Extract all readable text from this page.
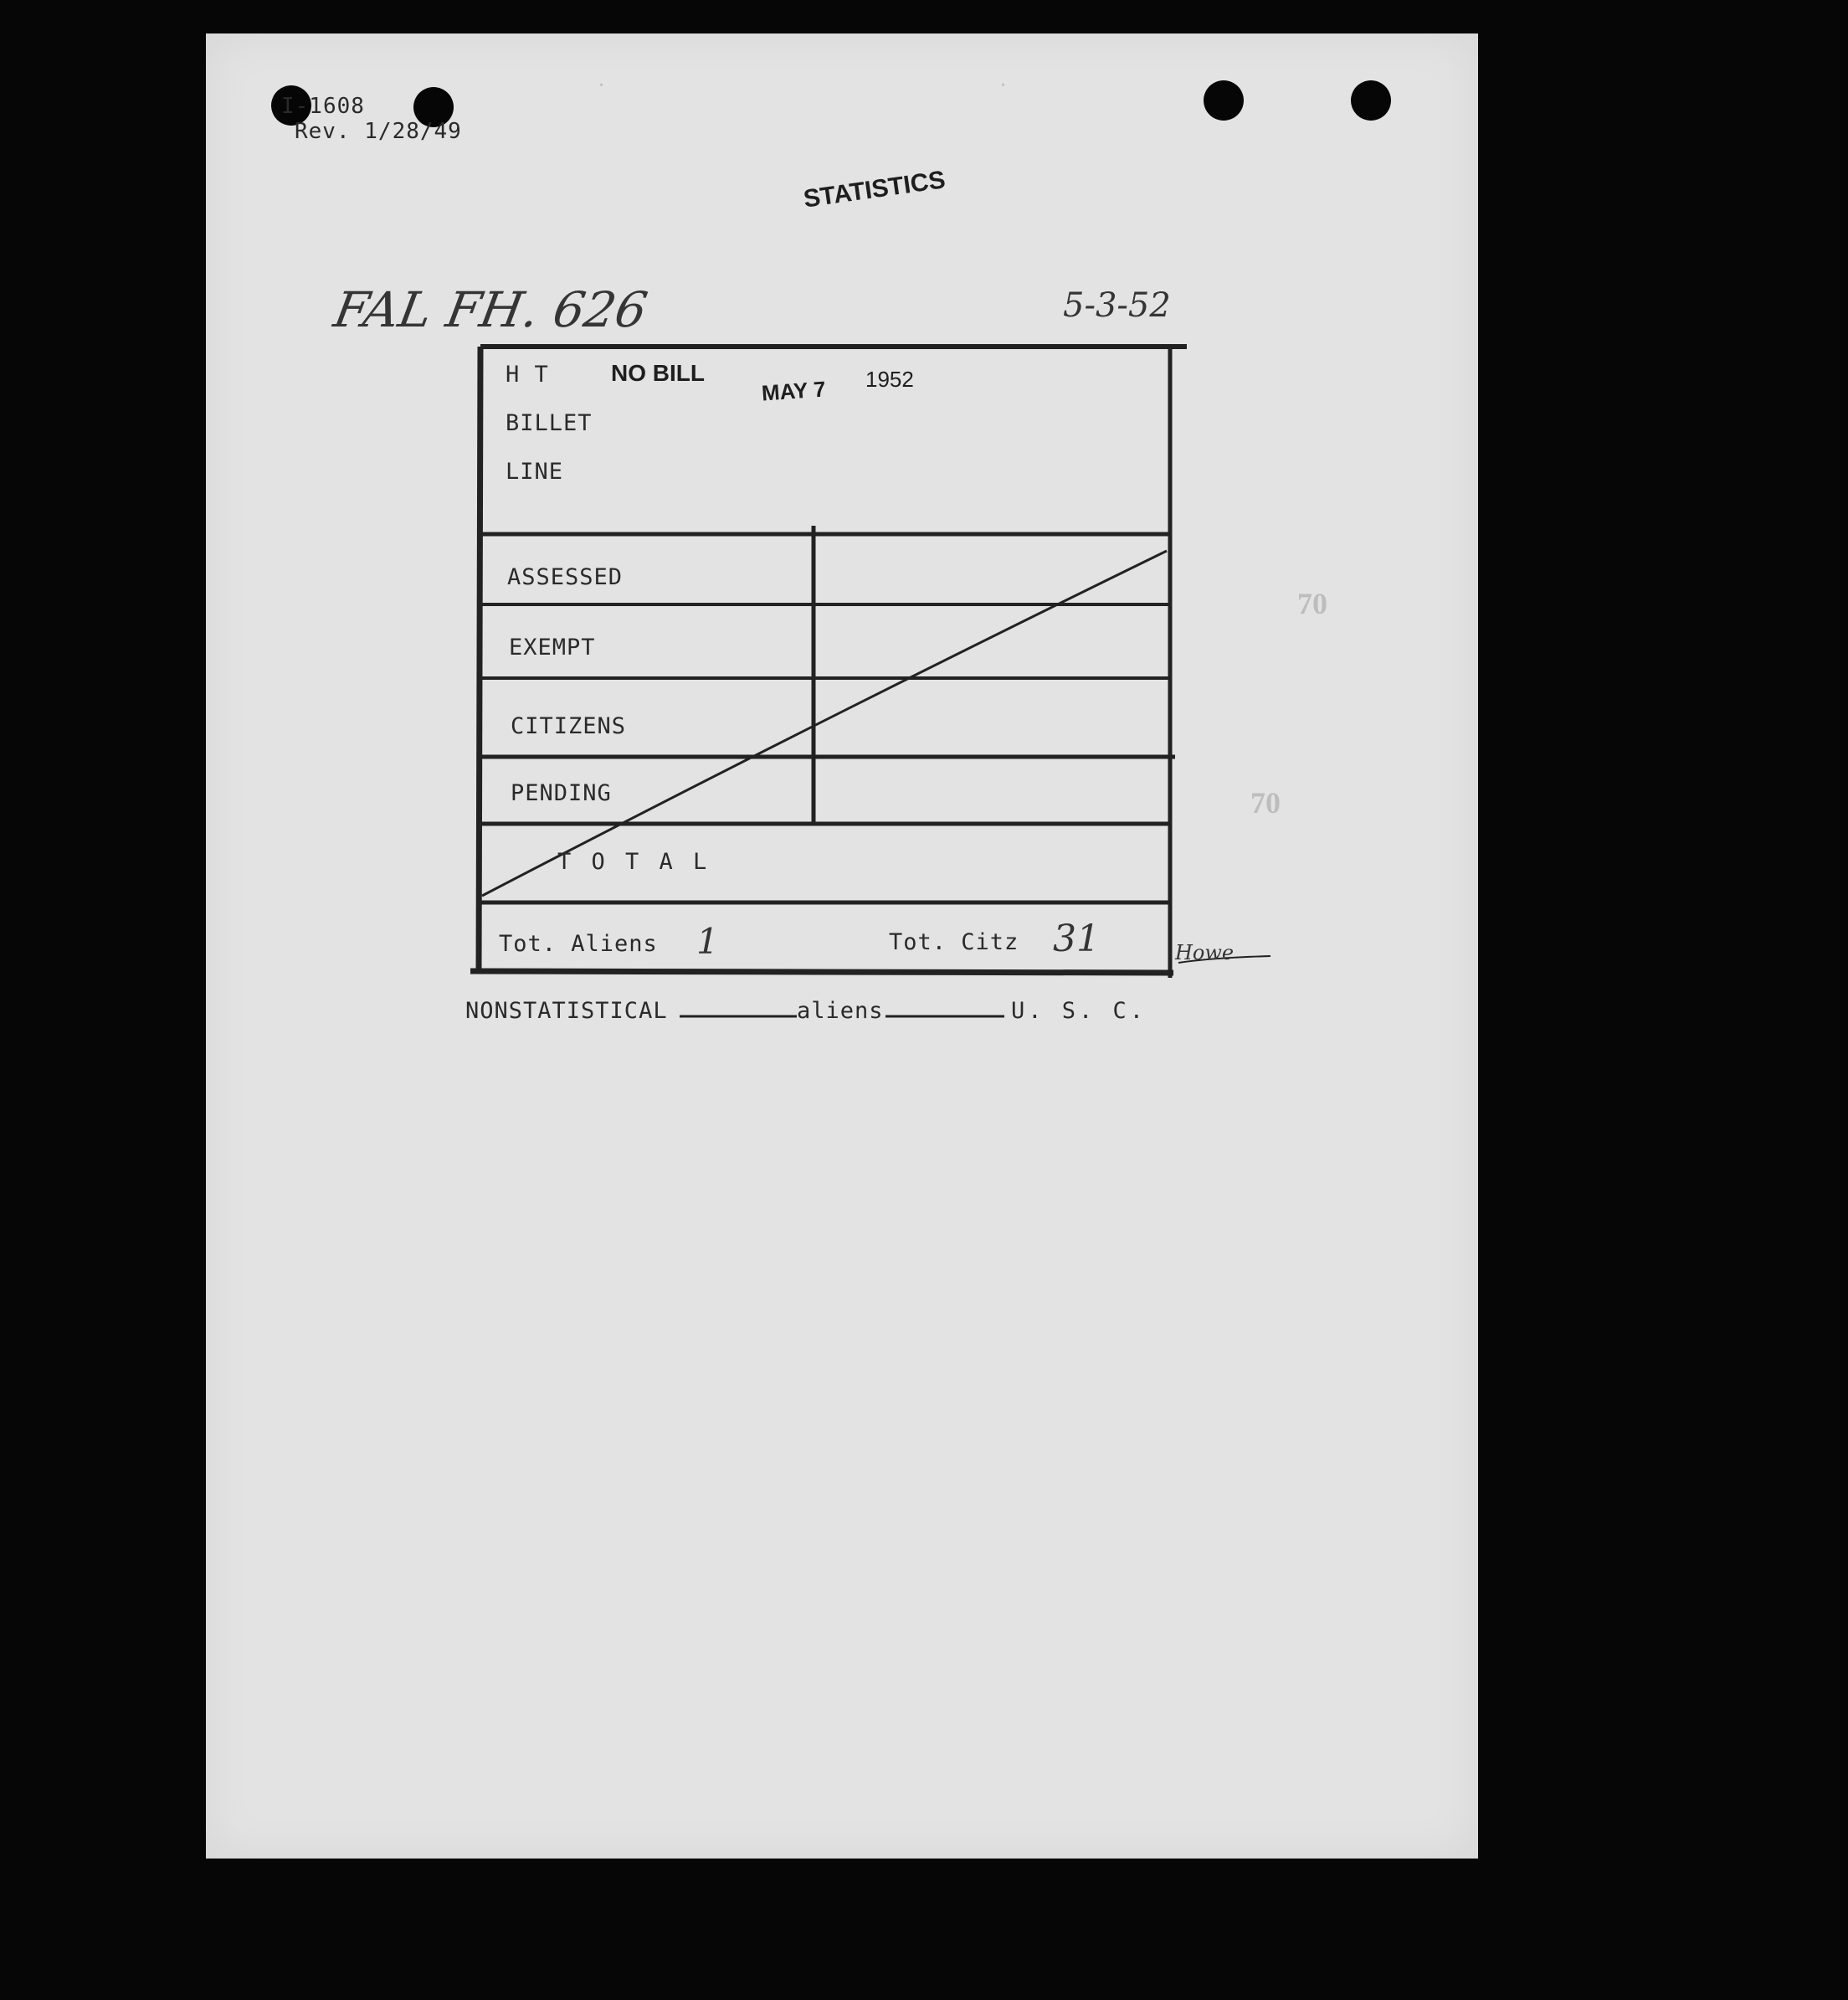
I-1608
Rev. 1/28/49
·	·
STATISTICS
FAL FH. 626	5-3-52
H T	NO BILL
MAY 7 1952
BILLET
LINE
ASSESSED
EXEMPT
CITIZENS
PENDING
T O T A L
Tot. Aliens 1	Tot. Citz 31	Howe
NONSTATISTICAL	aliens	U. S. C.
70
70
